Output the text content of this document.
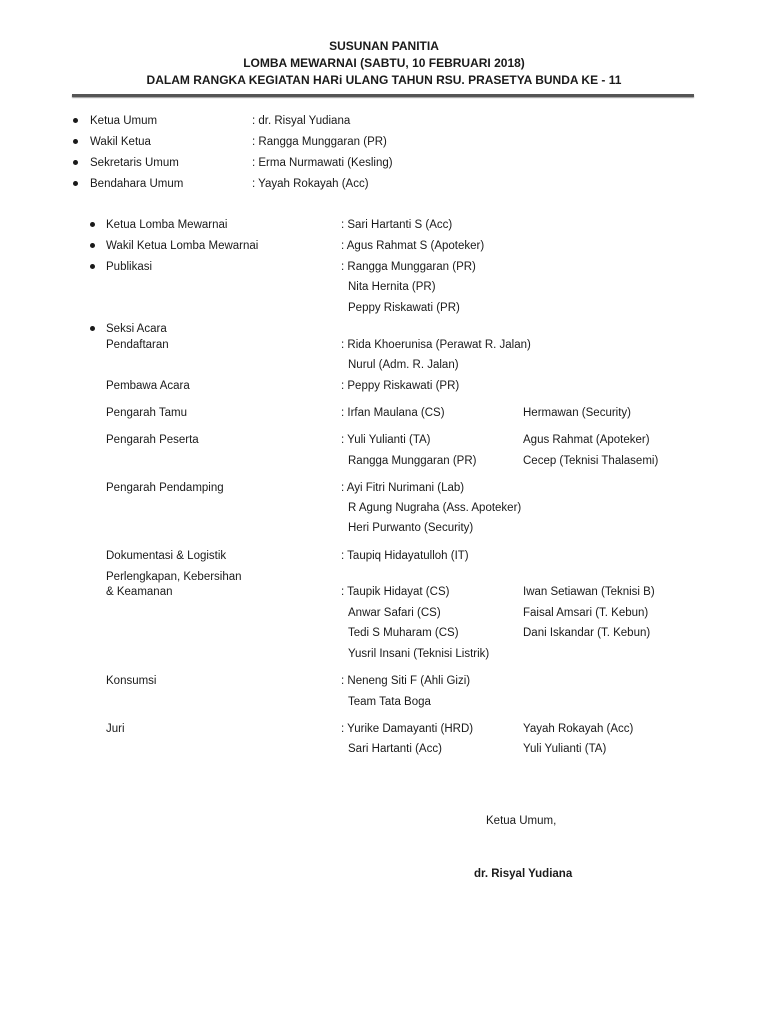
SUSUNAN PANITIA
LOMBA MEWARNAI (SABTU, 10 FEBRUARI 2018)
DALAM RANGKA KEGIATAN HARi ULANG TAHUN RSU. PRASETYA BUNDA KE - 11
Ketua Umum	: dr. Risyal Yudiana
Wakil Ketua	: Rangga Munggaran (PR)
Sekretaris Umum	: Erma Nurmawati (Kesling)
Bendahara Umum	: Yayah Rokayah (Acc)
Ketua Lomba Mewarnai	: Sari Hartanti S (Acc)
Wakil Ketua Lomba Mewarnai	: Agus Rahmat S (Apoteker)
Publikasi	: Rangga Munggaran (PR)
Nita Hernita (PR)
Peppy Riskawati (PR)
Seksi Acara
Pendaftaran	: Rida Khoerunisa (Perawat R. Jalan)
Nurul (Adm. R. Jalan)
Pembawa Acara	: Peppy Riskawati (PR)
Pengarah Tamu	: Irfan Maulana (CS)	Hermawan (Security)
Pengarah Peserta	: Yuli Yulianti (TA)	Agus Rahmat (Apoteker)
Rangga Munggaran (PR)	Cecep (Teknisi Thalasemi)
Pengarah Pendamping	: Ayi Fitri Nurimani (Lab)
R Agung Nugraha (Ass. Apoteker)
Heri Purwanto (Security)
Dokumentasi & Logistik	: Taupiq Hidayatulloh (IT)
Perlengkapan, Kebersihan
& Keamanan	: Taupik Hidayat (CS)	Iwan Setiawan (Teknisi B)
Anwar Safari (CS)	Faisal Amsari (T. Kebun)
Tedi S Muharam (CS)	Dani Iskandar (T. Kebun)
Yusril Insani (Teknisi Listrik)
Konsumsi	: Neneng Siti F (Ahli Gizi)
Team Tata Boga
Juri	: Yurike Damayanti (HRD)	Yayah Rokayah (Acc)
Sari Hartanti (Acc)	Yuli Yulianti (TA)
Ketua Umum,
dr. Risyal Yudiana
